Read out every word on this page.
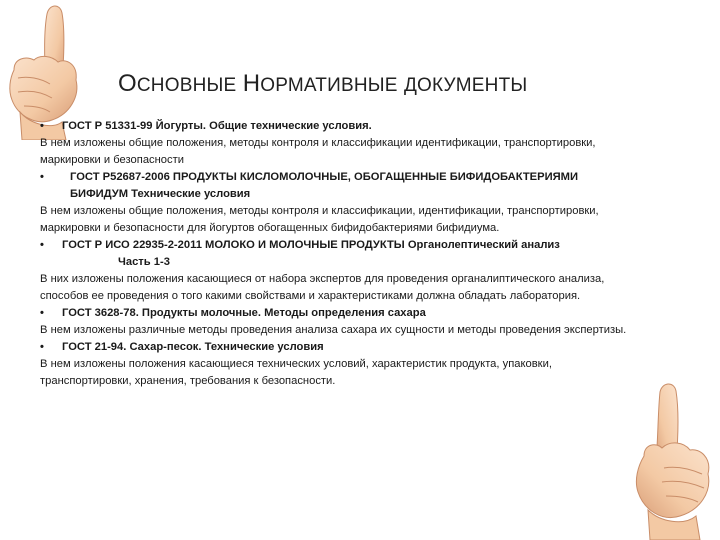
ОСНОВНЫЕ НОРМАТИВНЫЕ ДОКУМЕНТЫ
• ГОСТ Р 51331-99 Йогурты. Общие технические условия.
В нем изложены общие положения, методы контроля и классификации идентификации, транспортировки, маркировки и безопасности
• ГОСТ Р52687-2006 ПРОДУКТЫ КИСЛОМОЛОЧНЫЕ, ОБОГАЩЕННЫЕ БИФИДОБАКТЕРИЯМИ
БИФИДУМ Технические условия
В нем изложены общие положения, методы контроля и классификации, идентификации, транспортировки, маркировки и безопасности для йогуртов обогащенных бифидобактериями бифидиума.
• ГОСТ Р ИСО 22935-2-2011 МОЛОКО И МОЛОЧНЫЕ ПРОДУКТЫ Органолептический анализ
Часть 1-3
В них изложены положения касающиеся от набора экспертов для проведения органалиптического анализа, способов ее проведения о того какими свойствами и характеристиками должна обладать лаборатория.
• ГОСТ 3628-78. Продукты молочные. Методы определения сахара
В нем изложены различные методы проведения анализа сахара их сущности и методы проведения экспертизы.
• ГОСТ 21-94. Сахар-песок. Технические условия
В нем изложены положения касающиеся технических условий, характеристик продукта, упаковки, транспортировки, хранения, требования к безопасности.
